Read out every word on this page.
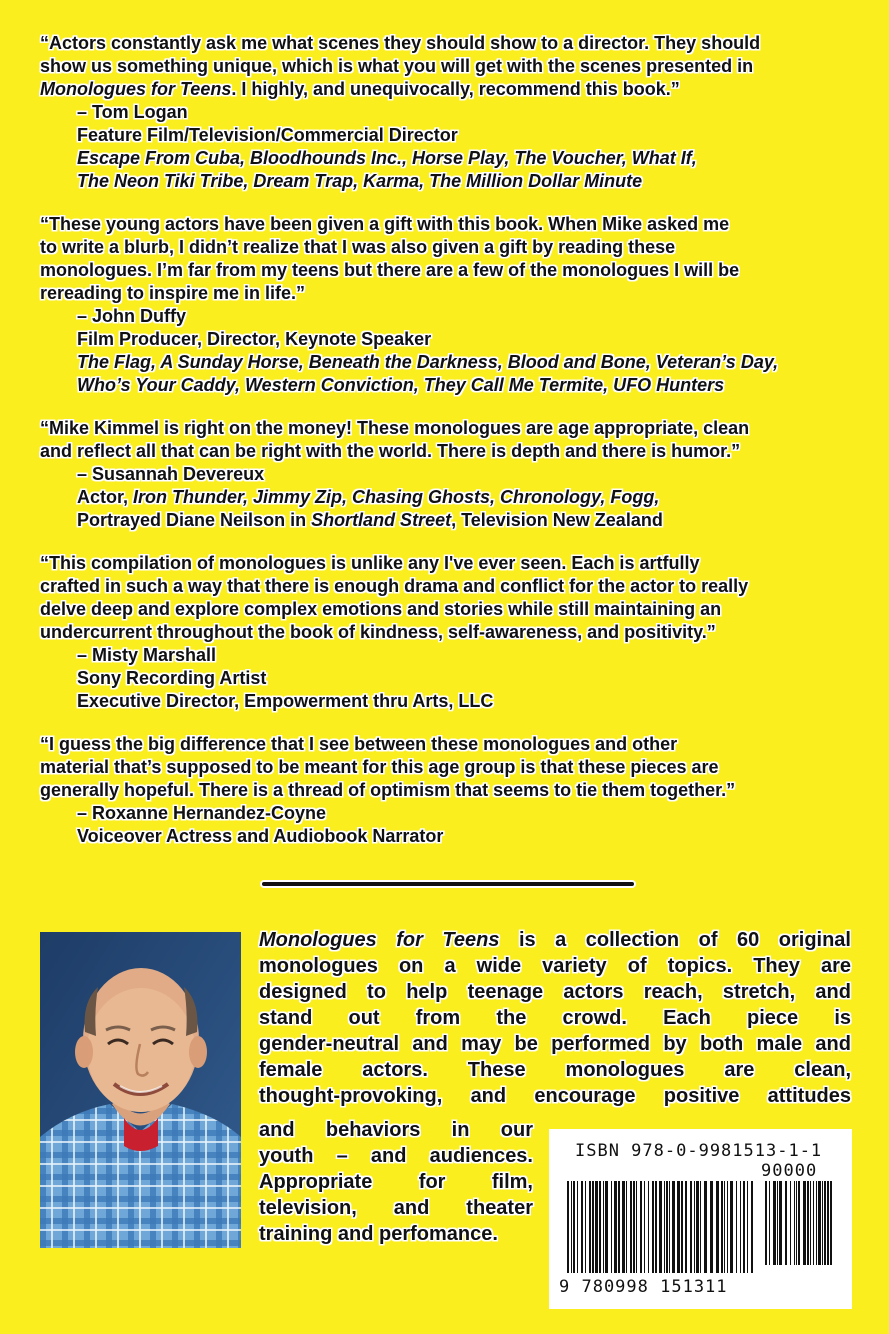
“Actors constantly ask me what scenes they should show to a director. They should
show us something unique, which is what you will get with the scenes presented in
Monologues for Teens. I highly, and unequivocally, recommend this book.”
– Tom Logan
Feature Film/Television/Commercial Director
Escape From Cuba, Bloodhounds Inc., Horse Play, The Voucher, What If,
The Neon Tiki Tribe, Dream Trap, Karma, The Million Dollar Minute
“These young actors have been given a gift with this book. When Mike asked me
to write a blurb, I didn’t realize that I was also given a gift by reading these
monologues. I’m far from my teens but there are a few of the monologues I will be
rereading to inspire me in life.”
– John Duffy
Film Producer, Director, Keynote Speaker
The Flag, A Sunday Horse, Beneath the Darkness, Blood and Bone, Veteran’s Day,
Who’s Your Caddy, Western Conviction, They Call Me Termite, UFO Hunters
“Mike Kimmel is right on the money! These monologues are age appropriate, clean
and reflect all that can be right with the world. There is depth and there is humor.”
– Susannah Devereux
Actor, Iron Thunder, Jimmy Zip, Chasing Ghosts, Chronology, Fogg,
Portrayed Diane Neilson in Shortland Street, Television New Zealand
“This compilation of monologues is unlike any I've ever seen. Each is artfully
crafted in such a way that there is enough drama and conflict for the actor to really
delve deep and explore complex emotions and stories while still maintaining an
undercurrent throughout the book of kindness, self-awareness, and positivity.”
– Misty Marshall
Sony Recording Artist
Executive Director, Empowerment thru Arts, LLC
“I guess the big difference that I see between these monologues and other
material that’s supposed to be meant for this age group is that these pieces are
generally hopeful. There is a thread of optimism that seems to tie them together.”
– Roxanne Hernandez-Coyne
Voiceover Actress and Audiobook Narrator
Monologues for Teens is a collection of 60 original
monologues on a wide variety of topics. They are
designed to help teenage actors reach, stretch, and
stand out from the crowd. Each piece is
gender-neutral and may be performed by both male and
female actors. These monologues are clean,
thought-provoking, and encourage positive attitudes
and behaviors in our
youth – and audiences.
Appropriate for film,
television, and theater
training and perfomance.
ISBN 978-0-9981513-1-1
90000
9 780998 151311
